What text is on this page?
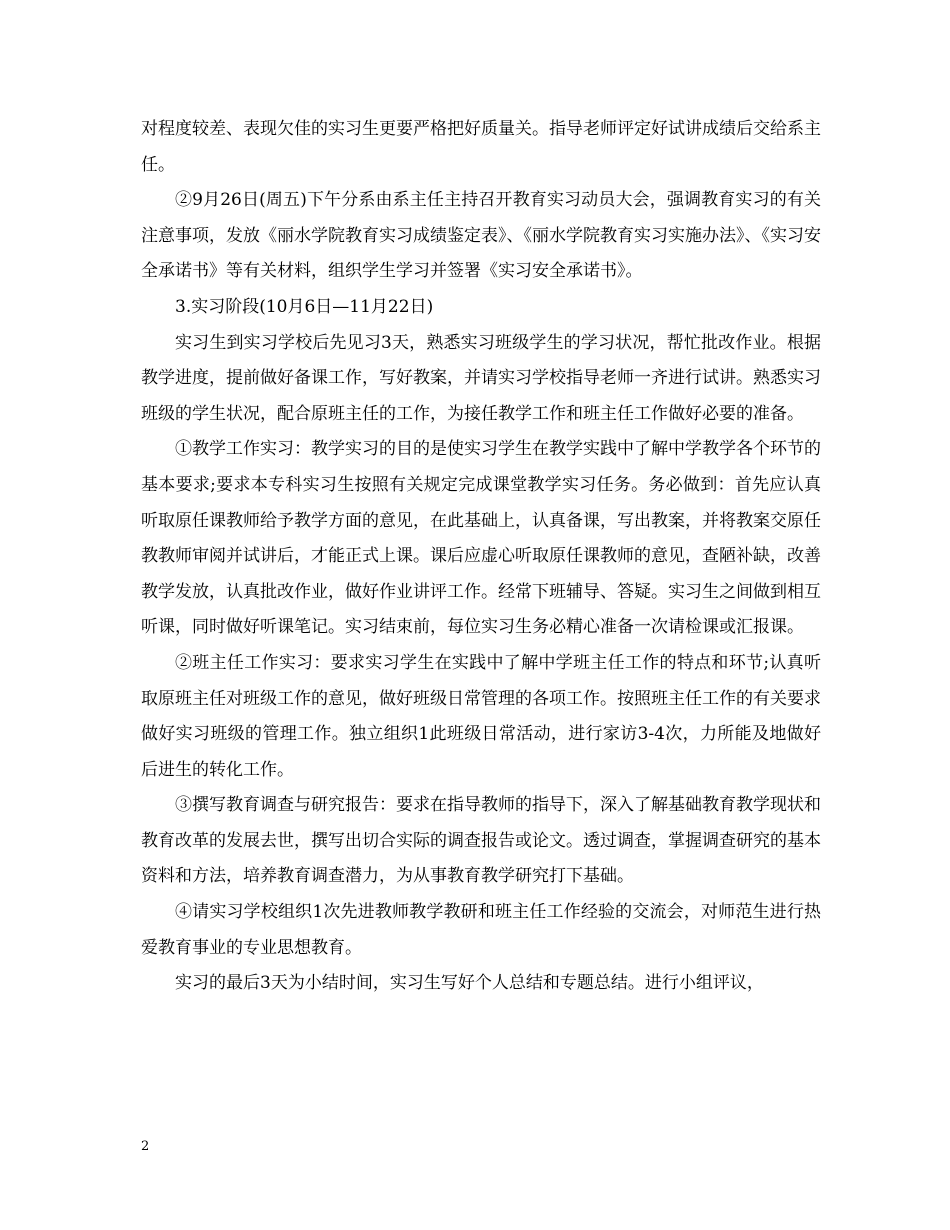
对程度较差、表现欠佳的实习生更要严格把好质量关。指导老师评定好试讲成绩后交给系主任。

②9月26日(周五)下午分系由系主任主持召开教育实习动员大会，强调教育实习的有关注意事项，发放《丽水学院教育实习成绩鉴定表》、《丽水学院教育实习实施办法》、《实习安全承诺书》等有关材料，组织学生学习并签署《实习安全承诺书》。

3.实习阶段(10月6日—11月22日)

实习生到实习学校后先见习3天，熟悉实习班级学生的学习状况，帮忙批改作业。根据教学进度，提前做好备课工作，写好教案，并请实习学校指导老师一齐进行试讲。熟悉实习班级的学生状况，配合原班主任的工作，为接任教学工作和班主任工作做好必要的准备。

①教学工作实习：教学实习的目的是使实习学生在教学实践中了解中学教学各个环节的基本要求;要求本专科实习生按照有关规定完成课堂教学实习任务。务必做到：首先应认真听取原任课教师给予教学方面的意见，在此基础上，认真备课，写出教案，并将教案交原任教教师审阅并试讲后，才能正式上课。课后应虚心听取原任课教师的意见，查陋补缺，改善教学发放，认真批改作业，做好作业讲评工作。经常下班辅导、答疑。实习生之间做到相互听课，同时做好听课笔记。实习结束前，每位实习生务必精心准备一次请检课或汇报课。

②班主任工作实习：要求实习学生在实践中了解中学班主任工作的特点和环节;认真听取原班主任对班级工作的意见，做好班级日常管理的各项工作。按照班主任工作的有关要求做好实习班级的管理工作。独立组织1此班级日常活动，进行家访3-4次，力所能及地做好后进生的转化工作。

③撰写教育调查与研究报告：要求在指导教师的指导下，深入了解基础教育教学现状和教育改革的发展去世，撰写出切合实际的调查报告或论文。透过调查，掌握调查研究的基本资料和方法，培养教育调查潜力，为从事教育教学研究打下基础。

④请实习学校组织1次先进教师教学教研和班主任工作经验的交流会，对师范生进行热爱教育事业的专业思想教育。

实习的最后3天为小结时间，实习生写好个人总结和专题总结。进行小组评议，

2
